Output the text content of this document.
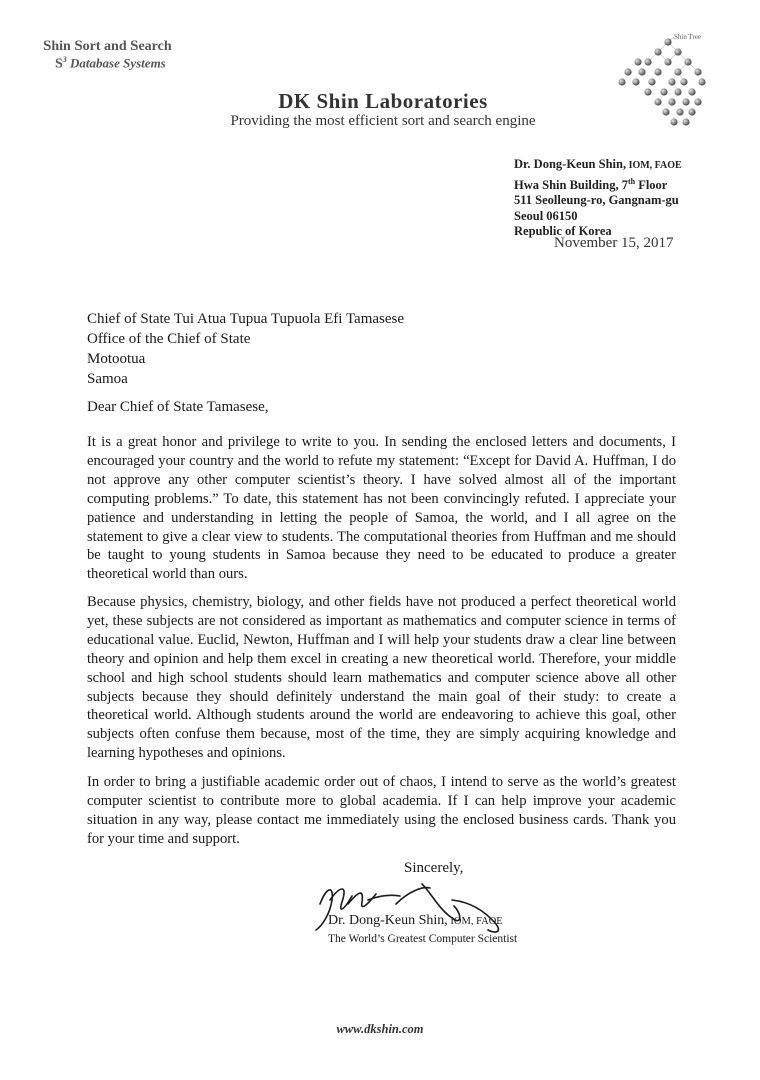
Shin Sort and Search
$S^3$ Database Systems
Shin Tree
DK Shin Laboratories
Providing the most efficient sort and search engine
Dr. Dong-Keun Shin, IOM, FAOE
Hwa Shin Building, 7th Floor
511 Seolleung-ro, Gangnam-gu
Seoul 06150
Republic of Korea
November 15, 2017
Chief of State Tui Atua Tupua Tupuola Efi Tamasese
Office of the Chief of State
Motootua
Samoa
Dear Chief of State Tamasese,
It is a great honor and privilege to write to you. In sending the enclosed letters and documents, I encouraged your country and the world to refute my statement: “Except for David A. Huffman, I do not approve any other computer scientist’s theory. I have solved almost all of the important computing problems.” To date, this statement has not been convincingly refuted. I appreciate your patience and understanding in letting the people of Samoa, the world, and I all agree on the statement to give a clear view to students. The computational theories from Huffman and me should be taught to young students in Samoa because they need to be educated to produce a greater theoretical world than ours.
Because physics, chemistry, biology, and other fields have not produced a perfect theoretical world yet, these subjects are not considered as important as mathematics and computer science in terms of educational value. Euclid, Newton, Huffman and I will help your students draw a clear line between theory and opinion and help them excel in creating a new theoretical world. Therefore, your middle school and high school students should learn mathematics and computer science above all other subjects because they should definitely understand the main goal of their study: to create a theoretical world. Although students around the world are endeavoring to achieve this goal, other subjects often confuse them because, most of the time, they are simply acquiring knowledge and learning hypotheses and opinions.
In order to bring a justifiable academic order out of chaos, I intend to serve as the world’s greatest computer scientist to contribute more to global academia. If I can help improve your academic situation in any way, please contact me immediately using the enclosed business cards. Thank you for your time and support.
Sincerely,
Dr. Dong-Keun Shin, IOM, FAOE
The World’s Greatest Computer Scientist
www.dkshin.com
